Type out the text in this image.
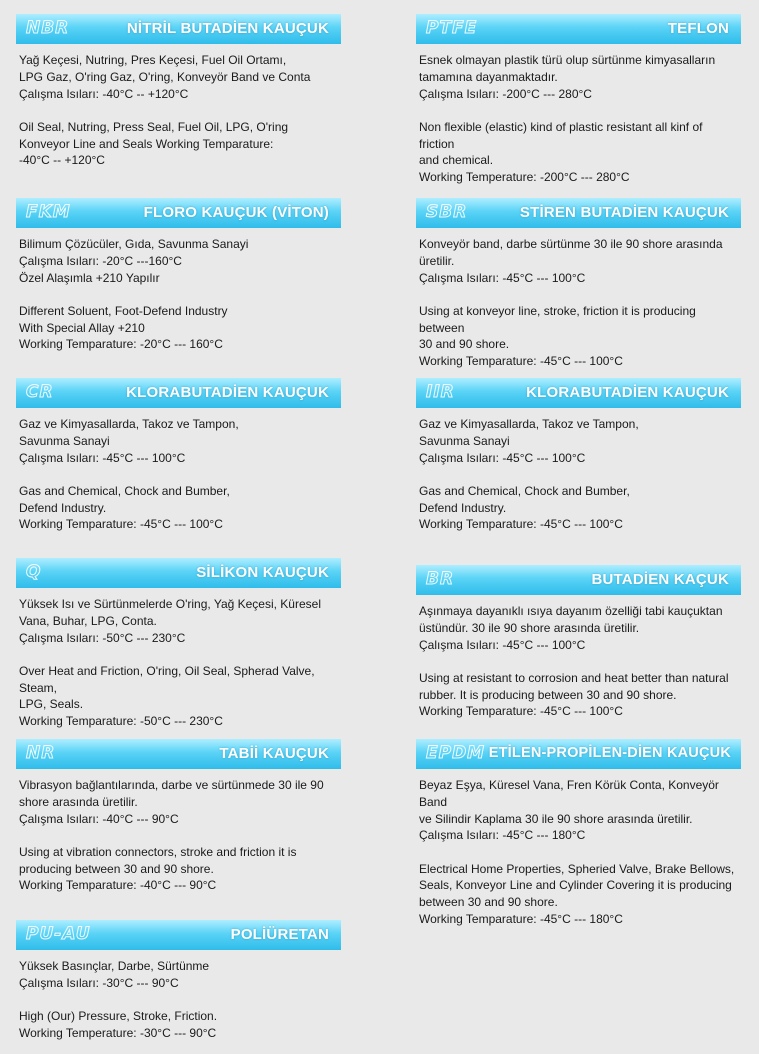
NBR	NİTRİL BUTADİEN KAUÇUK

Yağ Keçesi, Nutring, Pres Keçesi, Fuel Oil Ortamı,
LPG Gaz, O'ring Gaz, O'ring, Konveyör Band ve Conta
Çalışma Isıları: -40°C -- +120°C

Oil Seal, Nutring, Press Seal, Fuel Oil, LPG, O'ring
Konveyor Line and Seals Working Temparature:
-40°C -- +120°C

FKM	FLORO KAUÇUK (VİTON)

Bilimum Çözücüler, Gıda, Savunma Sanayi
Çalışma Isıları: -20°C ---160°C
Özel Alaşımla +210 Yapılır

Different Soluent, Foot-Defend Industry
With Special Allay +210
Working Temparature: -20°C --- 160°C

CR	KLORABUTADİEN KAUÇUK

Gaz ve Kimyasallarda, Takoz ve Tampon,
Savunma Sanayi
Çalışma Isıları: -45°C --- 100°C

Gas and Chemical, Chock and Bumber,
Defend Industry.
Working Temparature: -45°C --- 100°C

Q	SİLİKON KAUÇUK

Yüksek Isı ve Sürtünmelerde O'ring, Yağ Keçesi, Küresel
Vana, Buhar, LPG, Conta.
Çalışma Isıları: -50°C --- 230°C

Over Heat and Friction, O'ring, Oil Seal, Spherad Valve, Steam,
LPG, Seals.
Working Temparature: -50°C --- 230°C

NR	TABİİ KAUÇUK

Vibrasyon bağlantılarında, darbe ve sürtünmede 30 ile 90
shore arasında üretilir.
Çalışma Isıları: -40°C --- 90°C

Using at vibration connectors, stroke and friction it is
producing between 30 and 90 shore.
Working Temparature: -40°C --- 90°C

PU-AU	POLİÜRETAN

Yüksek Basınçlar, Darbe, Sürtünme
Çalışma Isıları: -30°C --- 90°C

High (Our) Pressure, Stroke, Friction.
Working Temperature: -30°C --- 90°C

PTFE	TEFLON

Esnek olmayan plastik türü olup sürtünme kimyasalların
tamamına dayanmaktadır.
Çalışma Isıları: -200°C --- 280°C

Non flexible (elastic) kind of plastic resistant all kinf of friction
and chemical.
Working Temperature: -200°C --- 280°C

SBR	STİREN BUTADİEN KAUÇUK

Konveyör band, darbe sürtünme 30 ile 90 shore arasında
üretilir.
Çalışma Isıları: -45°C --- 100°C

Using at konveyor line, stroke, friction it is producing between
30 and 90 shore.
Working Temparature: -45°C --- 100°C

IIR	KLORABUTADİEN KAUÇUK

Gaz ve Kimyasallarda, Takoz ve Tampon,
Savunma Sanayi
Çalışma Isıları: -45°C --- 100°C

Gas and Chemical, Chock and Bumber,
Defend Industry.
Working Temparature: -45°C --- 100°C

BR	BUTADİEN KAÇUK

Aşınmaya dayanıklı ısıya dayanım özelliği tabi kauçuktan
üstündür. 30 ile 90 shore arasında üretilir.
Çalışma Isıları: -45°C --- 100°C

Using at resistant to corrosion and heat better than natural
rubber. It is producing between 30 and 90 shore.
Working Temparature: -45°C --- 100°C

EPDM ETİLEN-PROPİLEN-DİEN KAUÇUK

Beyaz Eşya, Küresel Vana, Fren Körük Conta, Konveyör Band
ve Silindir Kaplama 30 ile 90 shore arasında üretilir.
Çalışma Isıları: -45°C --- 180°C

Electrical Home Properties, Spheried Valve, Brake Bellows,
Seals, Konveyor Line and Cylinder Covering it is producing
between 30 and 90 shore.
Working Temparature: -45°C --- 180°C
